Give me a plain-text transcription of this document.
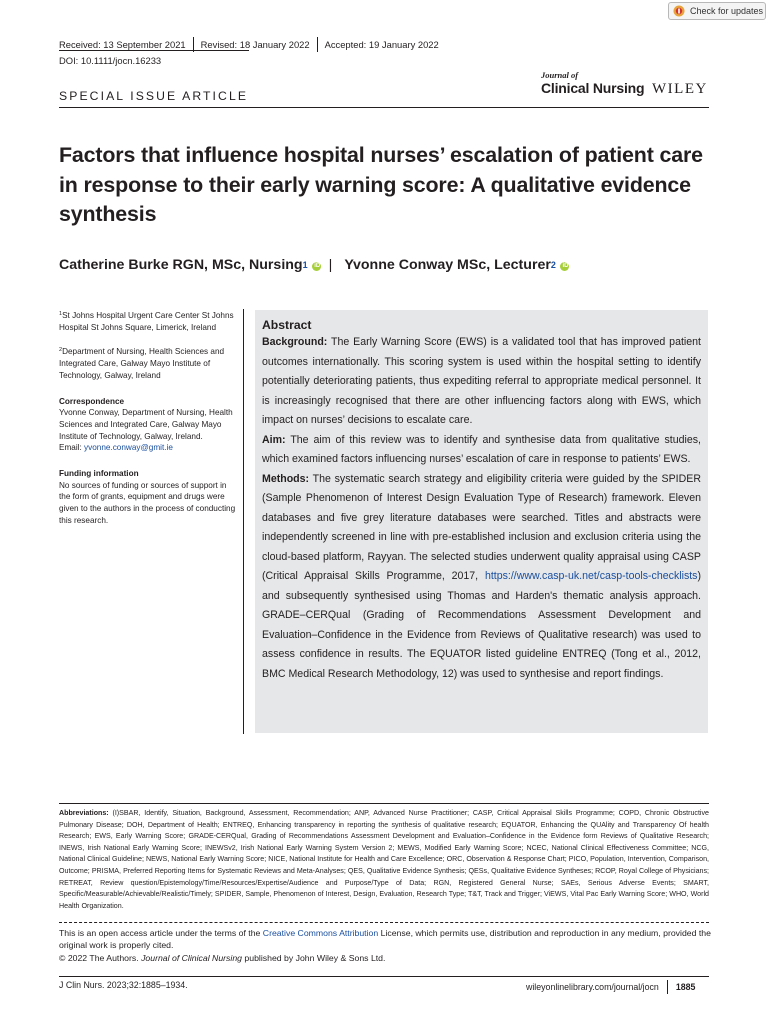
Check for updates
Received: 13 September 2021 Revised: 18 January 2022 Accepted: 19 January 2022
DOI: 10.1111/jocn.16233
SPECIAL ISSUE ARTICLE
Journal of
Clinical Nursing WILEY
Factors that influence hospital nurses’ escalation of patient care in response to their early warning score: A qualitative evidence synthesis
Catherine Burke RGN, MSc, Nursing 1 iD | Yvonne Conway MSc, Lecturer 2 iD

$^1$St Johns Hospital Urgent Care Center St Johns Hospital St Johns Square, Limerick, Ireland

$^2$Department of Nursing, Health Sciences and Integrated Care, Galway Mayo Institute of Technology, Galway, Ireland

Correspondence

Yvonne Conway, Department of Nursing, Health Sciences and Integrated Care, Galway Mayo Institute of Technology, Galway, Ireland.

Email: yvonne.conway@gmit.ie

Funding information

No sources of funding or sources of support in the form of grants, equipment and drugs were given to the authors in the process of conducting this research.

Abstract

Background: The Early Warning Score (EWS) is a validated tool that has improved patient outcomes internationally. This scoring system is used within the hospital setting to identify potentially deteriorating patients, thus expediting referral to appropriate medical personnel. It is increasingly recognised that there are other influencing factors along with EWS, which impact on nurses’ decisions to escalate care.

Aim: The aim of this review was to identify and synthesise data from qualitative studies, which examined factors influencing nurses’ escalation of care in response to patients’ EWS.

Methods: The systematic search strategy and eligibility criteria were guided by the SPIDER (Sample Phenomenon of Interest Design Evaluation Type of Research) framework. Eleven databases and five grey literature databases were searched. Titles and abstracts were independently screened in line with pre-established inclusion and exclusion criteria using the cloud-based platform, Rayyan. The selected studies underwent quality appraisal using CASP (Critical Appraisal Skills Programme, 2017, https://www.casp-uk.net/casp-tools-checklists) and subsequently synthesised using Thomas and Harden's thematic analysis approach. GRADE–CERQual (Grading of Recommendations Assessment Development and Evaluation–Confidence in the Evidence from Reviews of Qualitative research) was used to assess confidence in results. The EQUATOR listed guideline ENTREQ (Tong et al., 2012, BMC Medical Research Methodology, 12) was used to synthesise and report findings.

Abbreviations: (I)SBAR, Identify, Situation, Background, Assessment, Recommendation; ANP, Advanced Nurse Practitioner; CASP, Critical Appraisal Skills Programme; COPD, Chronic Obstructive Pulmonary Disease; DOH, Department of Health; ENTREQ, Enhancing transparency in reporting the synthesis of qualitative research; EQUATOR, Enhancing the QUAlity and Transparency Of health Research; EWS, Early Warning Score; GRADE-CERQual, Grading of Recommendations Assessment Development and Evaluation–Confidence in the Evidence form Reviews of Qualitative Research; INEWS, Irish National Early Warning Score; INEWSv2, Irish National Early Warning System Version 2; MEWS, Modified Early Warning Score; NCEC, National Clinical Effectiveness Committee; NCG, National Clinical Guideline; NEWS, National Early Warning Score; NICE, National Institute for Health and Care Excellence; ORC, Observation & Response Chart; PICO, Population, Intervention, Comparison, Outcome; PRISMA, Preferred Reporting Items for Systematic Reviews and Meta-Analyses; QES, Qualitative Evidence Synthesis; QESs, Qualitative Evidence Syntheses; RCOP, Royal College of Physicians; RETREAT, Review question/Epistemology/Time/Resources/Expertise/Audience and Purpose/Type of Data; RGN, Registered General Nurse; SAEs, Serious Adverse Events; SMART, Specific/Measurable/Achievable/Realistic/Timely; SPIDER, Sample, Phenomenon of Interest, Design, Evaluation, Research Type; T&T, Track and Trigger; ViEWS, Vital Pac Early Warning Score; WHO, World Health Organization.
This is an open access article under the terms of the Creative Commons Attribution License, which permits use, distribution and reproduction in any medium, provided the original work is properly cited.
© 2022 The Authors. Journal of Clinical Nursing published by John Wiley & Sons Ltd.
J Clin Nurs. 2023;32:1885–1934.	wileyonlinelibrary.com/journal/jocn 1885
